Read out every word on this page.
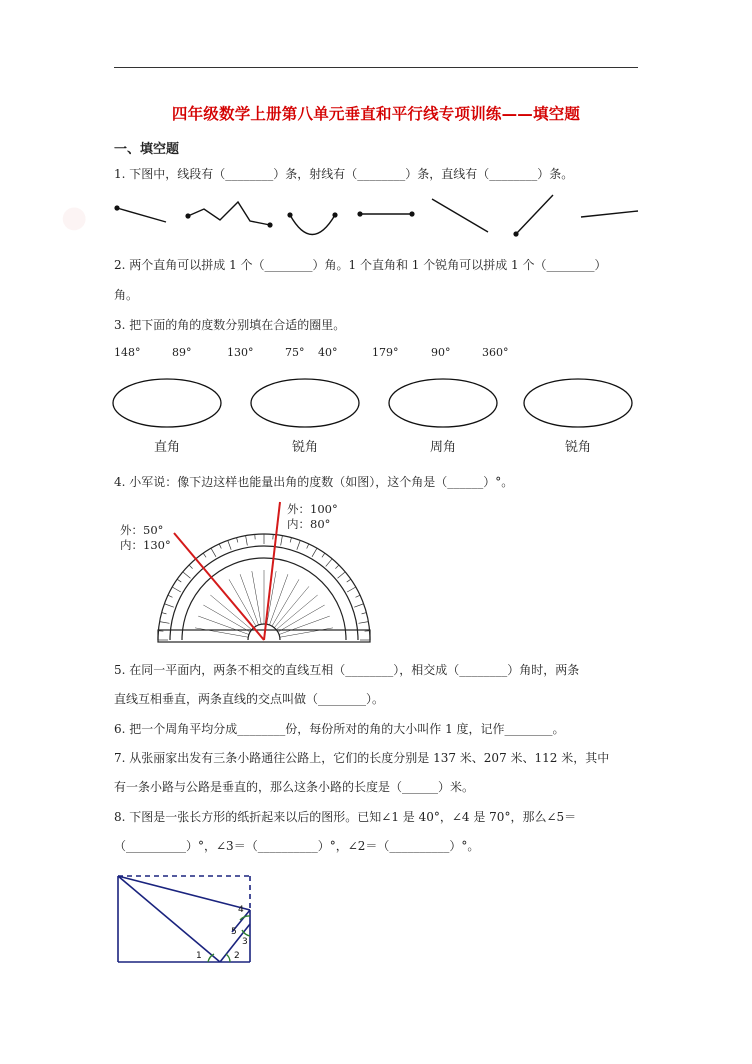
●
四年级数学上册第八单元垂直和平行线专项训练——填空题
一、填空题
1. 下图中，线段有（________）条，射线有（________）条，直线有（________）条。
2. 两个直角可以拼成 1 个（________）角。1 个直角和 1 个锐角可以拼成 1 个（________）
角。
3. 把下面的角的度数分别填在合适的圈里。
148°	89°	130°	75° 40°	179°	90°	360°
直角	锐角	周角	锐角
4. 小军说：像下边这样也能量出角的度数（如图），这个角是（______）°。
外：50°
内：130°
外：100°
内：80°
5. 在同一平面内，两条不相交的直线互相（________），相交成（________）角时，两条
直线互相垂直，两条直线的交点叫做（________）。
6. 把一个周角平均分成________份，每份所对的角的大小叫作 1 度，记作________。
7. 从张丽家出发有三条小路通往公路上，它们的长度分别是 137 米、207 米、112 米，其中
有一条小路与公路是垂直的，那么这条小路的长度是（______）米。
8. 下图是一张长方形的纸折起来以后的图形。已知∠1 是 40°，∠4 是 70°，那么∠5＝
（__________）°，∠3＝（__________）°，∠2＝（__________）°。
1	2
3
4
5
